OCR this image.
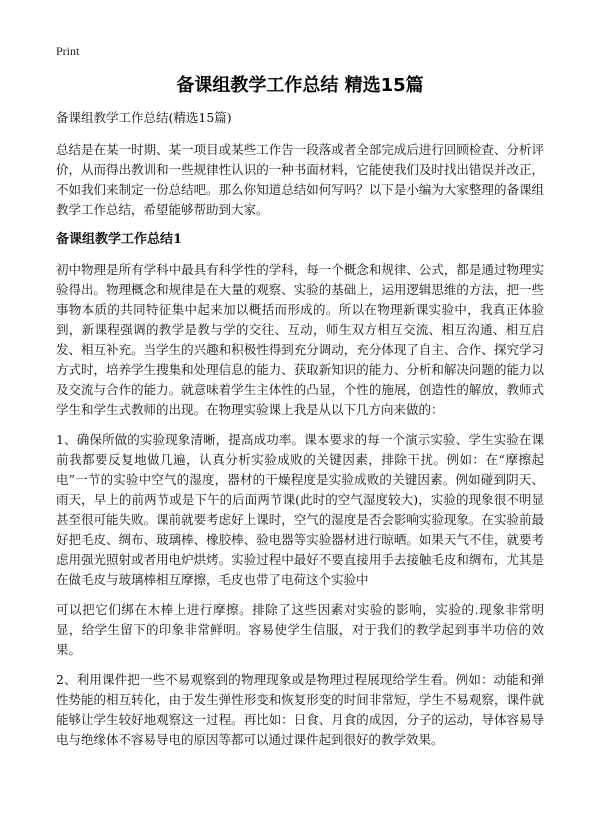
Print
备课组教学工作总结 精选15篇
备课组教学工作总结(精选15篇)

总结是在某一时期、某一项目或某些工作告一段落或者全部完成后进行回顾检查、分析评价，从而得出教训和一些规律性认识的一种书面材料，它能使我们及时找出错误并改正，不如我们来制定一份总结吧。那么你知道总结如何写吗？以下是小编为大家整理的备课组教学工作总结，希望能够帮助到大家。

备课组教学工作总结1

初中物理是所有学科中最具有科学性的学科，每一个概念和规律、公式，都是通过物理实验得出。物理概念和规律是在大量的观察、实验的基础上，运用逻辑思维的方法，把一些事物本质的共同特征集中起来加以概括而形成的。所以在物理新课实验中，我真正体验到，新课程强调的教学是教与学的交往、互动，师生双方相互交流、相互沟通、相互启发、相互补充。当学生的兴趣和积极性得到充分调动，充分体现了自主、合作、探究学习方式时，培养学生搜集和处理信息的能力、获取新知识的能力、分析和解决问题的能力以及交流与合作的能力。就意味着学生主体性的凸显，个性的施展，创造性的解放，教师式学生和学生式教师的出现。在物理实验课上我是从以下几方向来做的：

1、确保所做的实验现象清晰，提高成功率。课本要求的每一个演示实验、学生实验在课前我都要反复地做几遍，认真分析实验成败的关键因素，排除干扰。例如：在“摩擦起电”一节的实验中空气的湿度，器材的干燥程度是实验成败的关键因素。例如碰到阴天、雨天，早上的前两节或是下午的后面两节课(此时的空气湿度较大)，实验的现象很不明显甚至很可能失败。课前就要考虑好上课时，空气的湿度是否会影响实验现象。在实验前最好把毛皮、绸布、玻璃棒、橡胶棒、验电器等实验器材进行晾晒。如果天气不佳，就要考虑用强光照射或者用电炉烘烤。实验过程中最好不要直接用手去接触毛皮和绸布，尤其是在做毛皮与玻璃棒相互摩擦，毛皮也带了电荷这个实验中

可以把它们绑在木棒上进行摩擦。排除了这些因素对实验的影响，实验的.现象非常明显，给学生留下的印象非常鲜明。容易使学生信服，对于我们的教学起到事半功倍的效果。

2、利用课件把一些不易观察到的物理现象或是物理过程展现给学生看。例如：动能和弹性势能的相互转化，由于发生弹性形变和恢复形变的时间非常短，学生不易观察，课件就能够让学生较好地观察这一过程。再比如：日食、月食的成因，分子的运动，导体容易导电与绝缘体不容易导电的原因等都可以通过课件起到很好的教学效果。
